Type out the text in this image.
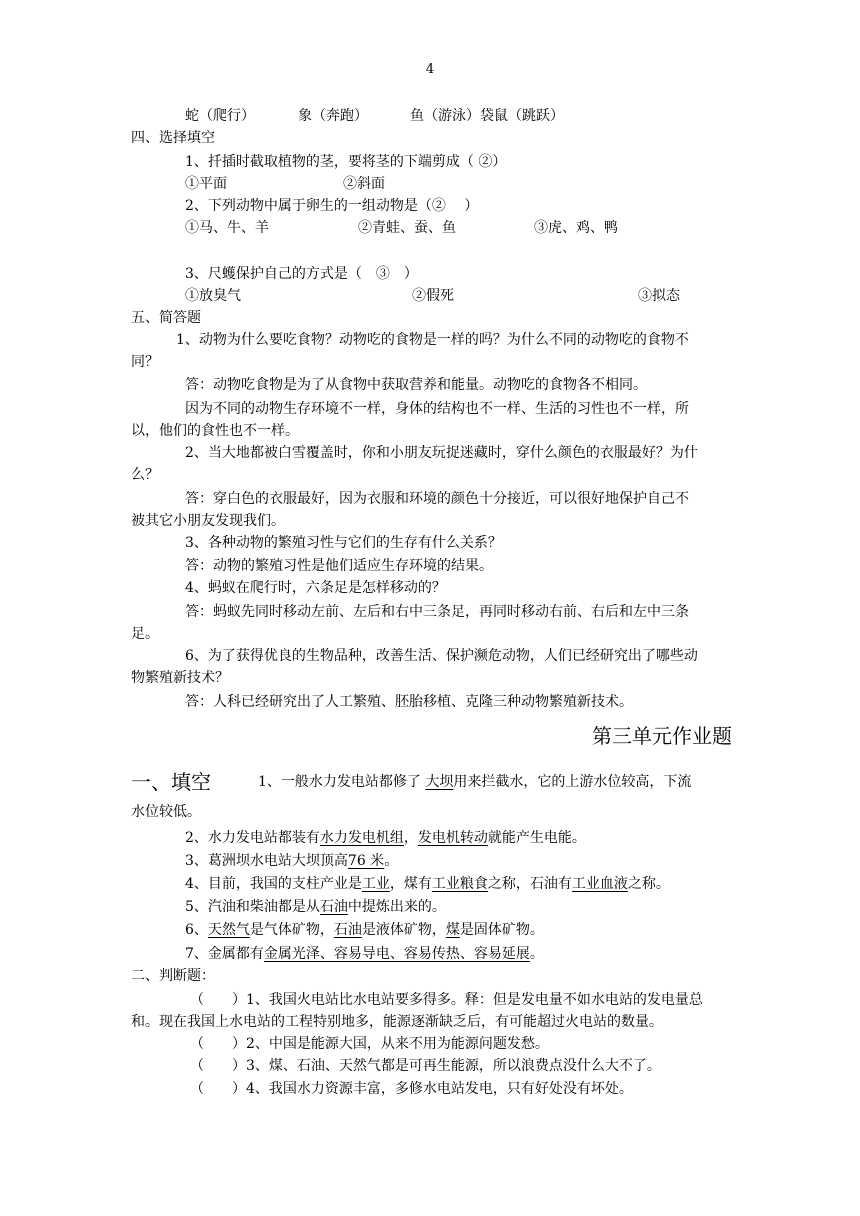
4
蛇（爬行）	象（奔跑）	鱼（游泳）袋鼠（跳跃）
四、选择填空
1、扦插时截取植物的茎，要将茎的下端剪成（ ②）
①平面	②斜面
2、下列动物中属于卵生的一组动物是（②　 ）
①马、牛、羊	②青蛙、蚕、鱼	③虎、鸡、鸭
3、尺蠖保护自己的方式是（　③　）
①放臭气	②假死	③拟态
五、简答题
1、动物为什么要吃食物？动物吃的食物是一样的吗？为什么不同的动物吃的食物不
同？
答：动物吃食物是为了从食物中获取营养和能量。动物吃的食物各不相同。
因为不同的动物生存环境不一样，身体的结构也不一样、生活的习性也不一样，所
以，他们的食性也不一样。
2、当大地都被白雪覆盖时，你和小朋友玩捉迷藏时，穿什么颜色的衣服最好？为什
么？
答：穿白色的衣服最好，因为衣服和环境的颜色十分接近，可以很好地保护自己不
被其它小朋友发现我们。
3、各种动物的繁殖习性与它们的生存有什么关系？
答：动物的繁殖习性是他们适应生存环境的结果。
4、蚂蚁在爬行时，六条足是怎样移动的？
答：蚂蚁先同时移动左前、左后和右中三条足，再同时移动右前、右后和左中三条
足。
6、为了获得优良的生物品种，改善生活、保护濒危动物，人们已经研究出了哪些动
物繁殖新技术？
答：人科已经研究出了人工繁殖、胚胎移植、克隆三种动物繁殖新技术。
第三单元作业题
一、填空	1、一般水力发电站都修了 大坝用来拦截水，它的上游水位较高，下流
水位较低。
2、水力发电站都装有水力发电机组，发电机转动就能产生电能。
3、葛洲坝水电站大坝顶高76 米。
4、目前，我国的支柱产业是工业，煤有工业粮食之称，石油有工业血液之称。
5、汽油和柴油都是从石油中提炼出来的。
6、天然气是气体矿物，石油是液体矿物，煤是固体矿物。
7、金属都有金属光泽、容易导电、容易传热、容易延展。
二、判断题：
（　　）1、我国火电站比水电站要多得多。释：但是发电量不如水电站的发电量总
和。现在我国上水电站的工程特别地多，能源逐渐缺乏后，有可能超过火电站的数量。
（　　）2、中国是能源大国，从来不用为能源问题发愁。
（　　）3、煤、石油、天然气都是可再生能源，所以浪费点没什么大不了。
（　　）4、我国水力资源丰富，多修水电站发电，只有好处没有坏处。
